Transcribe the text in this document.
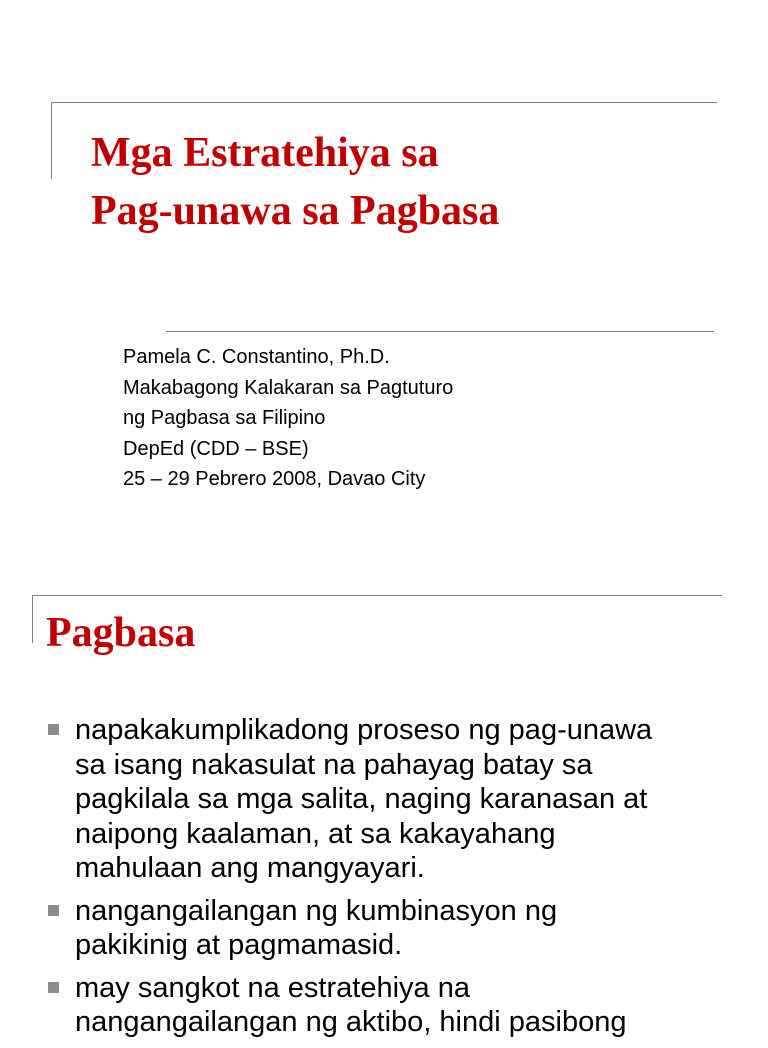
Mga Estratehiya sa
Pag-unawa sa Pagbasa
Pamela C. Constantino, Ph.D.
Makabagong Kalakaran sa Pagtuturo
ng Pagbasa sa Filipino
DepEd (CDD – BSE)
25 – 29 Pebrero 2008, Davao City
Pagbasa
napakakumplikadong proseso ng pag-unawa
sa isang nakasulat na pahayag batay sa
pagkilala sa mga salita, naging karanasan at
naipong kaalaman, at sa kakayahang
mahulaan ang mangyayari.
nangangailangan ng kumbinasyon ng
pakikinig at pagmamasid.
may sangkot na estratehiya na
nangangailangan ng aktibo, hindi pasibong
